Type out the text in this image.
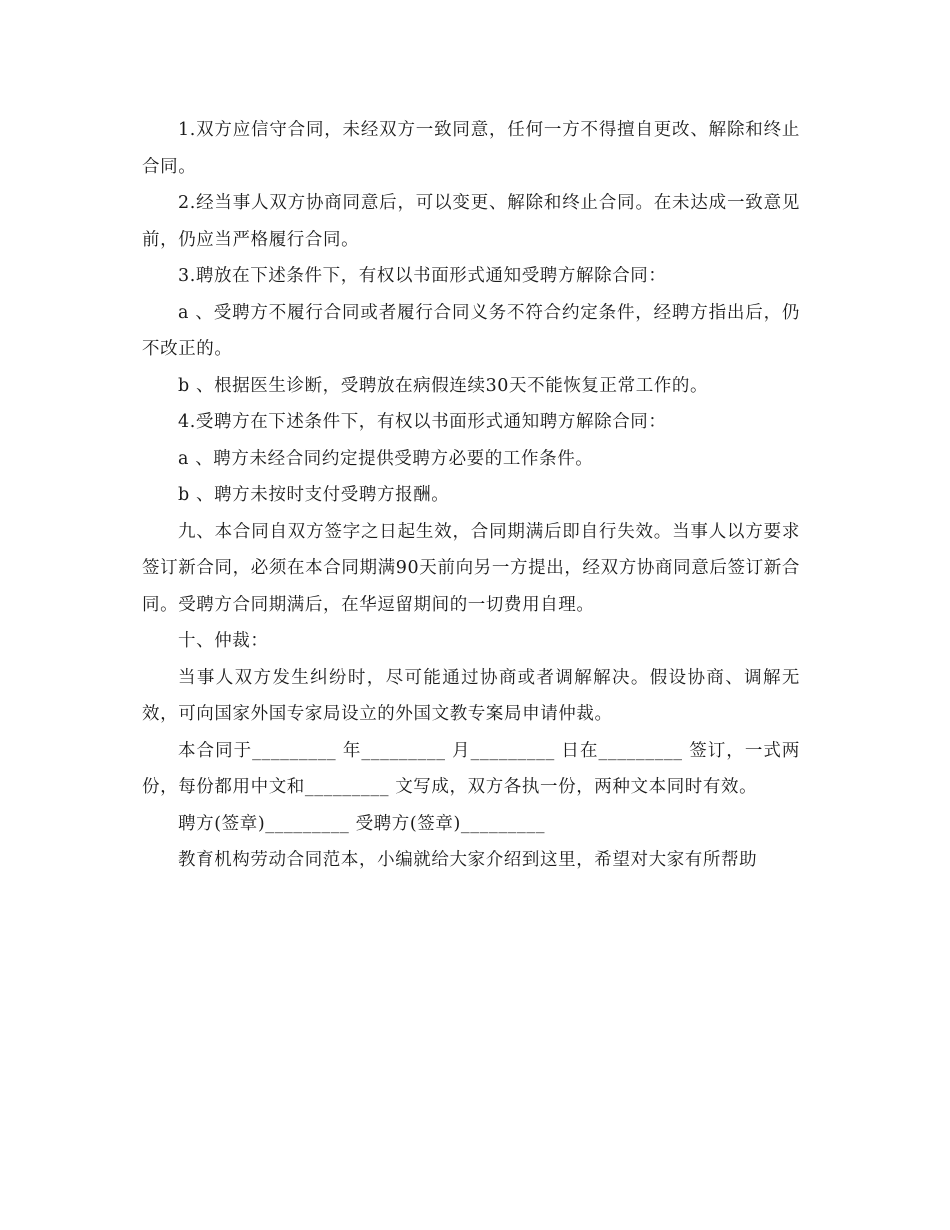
1.双方应信守合同，未经双方一致同意，任何一方不得擅自更改、解除和终止合同。

2.经当事人双方协商同意后，可以变更、解除和终止合同。在未达成一致意见前，仍应当严格履行合同。

3.聘放在下述条件下，有权以书面形式通知受聘方解除合同：

a 、受聘方不履行合同或者履行合同义务不符合约定条件，经聘方指出后，仍不改正的。

b 、根据医生诊断，受聘放在病假连续30天不能恢复正常工作的。

4.受聘方在下述条件下，有权以书面形式通知聘方解除合同：

a 、聘方未经合同约定提供受聘方必要的工作条件。

b 、聘方未按时支付受聘方报酬。

九、本合同自双方签字之日起生效，合同期满后即自行失效。当事人以方要求签订新合同，必须在本合同期满90天前向另一方提出，经双方协商同意后签订新合同。受聘方合同期满后，在华逗留期间的一切费用自理。

十、仲裁：

当事人双方发生纠纷时，尽可能通过协商或者调解解决。假设协商、调解无效，可向国家外国专家局设立的外国文教专案局申请仲裁。

本合同于_________ 年_________ 月_________ 日在_________ 签订，一式两份，每份都用中文和_________ 文写成，双方各执一份，两种文本同时有效。

聘方(签章)_________ 受聘方(签章)_________

教育机构劳动合同范本，小编就给大家介绍到这里，希望对大家有所帮助
